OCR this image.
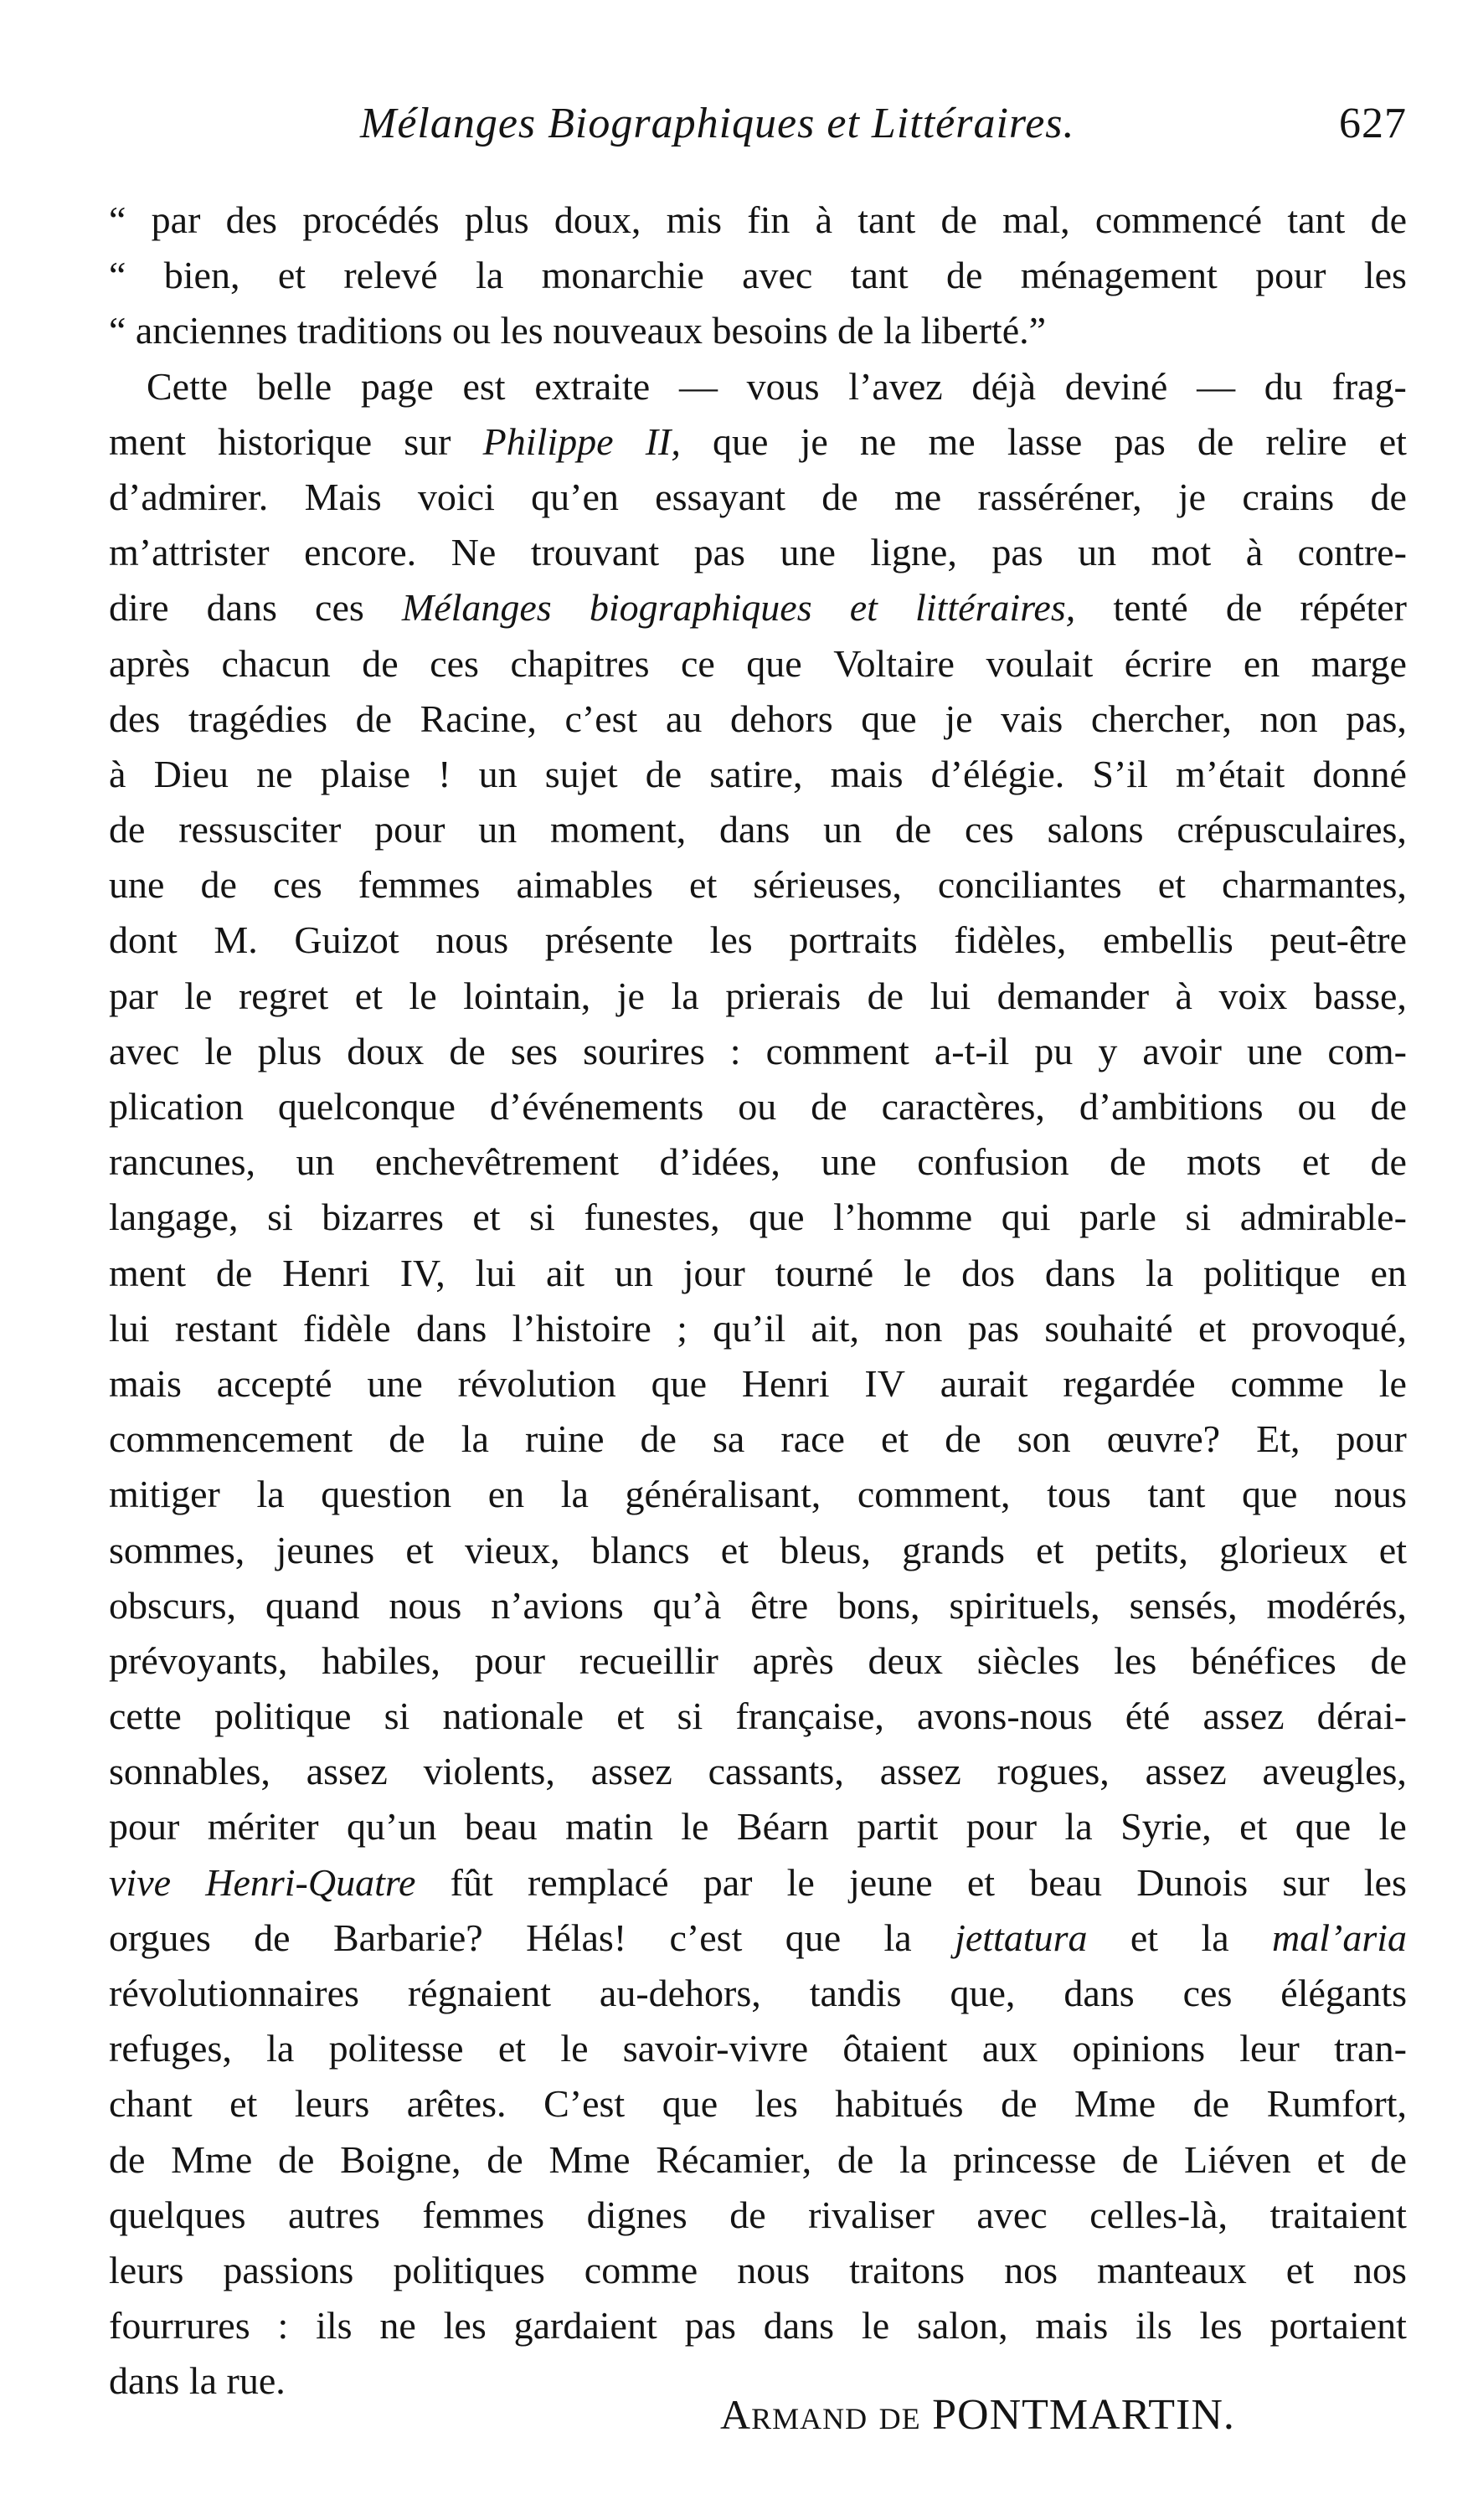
Mélanges Biographiques et Littéraires.	627
“ par des procédés plus doux, mis fin à tant de mal, commencé tant de
“ bien, et relevé la monarchie avec tant de ménagement pour les
“
anciennes
traditions
ou
les
nouveaux
besoins
de
la
liberté.”

Cette belle page est extraite — vous l’avez déjà deviné — du frag-
ment historique sur Philippe II, que je ne me lasse pas de relire et
d’admirer. Mais voici qu’en essayant de me rasséréner, je crains de
m’attrister encore. Ne trouvant pas une ligne, pas un mot à contre-
dire dans ces Mélanges biographiques et littéraires, tenté de répéter
après chacun de ces chapitres ce que Voltaire voulait écrire en marge
des tragédies de Racine, c’est au dehors que je vais chercher, non pas,
à Dieu ne plaise ! un sujet de satire, mais d’élégie. S’il m’était donné
de ressusciter pour un moment, dans un de ces salons crépusculaires,
une de ces femmes aimables et sérieuses, conciliantes et charmantes,
dont M. Guizot nous présente les portraits fidèles, embellis peut-être
par le regret et le lointain, je la prierais de lui demander à voix basse,
avec le plus doux de ses sourires : comment a-t-il pu y avoir une com-
plication quelconque d’événements ou de caractères, d’ambitions ou de
rancunes, un enchevêtrement d’idées, une confusion de mots et de
langage, si bizarres et si funestes, que l’homme qui parle si admirable-
ment de Henri IV, lui ait un jour tourné le dos dans la politique en
lui restant fidèle dans l’histoire ; qu’il ait, non pas souhaité et provoqué,
mais accepté une révolution que Henri IV aurait regardée comme le
commencement de la ruine de sa race et de son œuvre? Et, pour
mitiger la question en la généralisant, comment, tous tant que nous
sommes, jeunes et vieux, blancs et bleus, grands et petits, glorieux et
obscurs, quand nous n’avions qu’à être bons, spirituels, sensés, modérés,
prévoyants, habiles, pour recueillir après deux siècles les bénéfices de
cette politique si nationale et si française, avons-nous été assez dérai-
sonnables, assez violents, assez cassants, assez rogues, assez aveugles,
pour mériter qu’un beau matin le Béarn partit pour la Syrie, et que le
vive Henri-Quatre fût remplacé par le jeune et beau Dunois sur les
orgues de Barbarie? Hélas! c’est que la jettatura et la mal’aria
révolutionnaires régnaient au-dehors, tandis que, dans ces élégants
refuges, la politesse et le savoir-vivre ôtaient aux opinions leur tran-
chant et leurs arêtes. C’est que les habitués de Mme de Rumfort,
de Mme de Boigne, de Mme Récamier, de la princesse de Liéven et de
quelques autres femmes dignes de rivaliser avec celles-là, traitaient
leurs passions politiques comme nous traitons nos manteaux et nos
fourrures : ils ne les gardaient pas dans le salon, mais ils les portaient
dans
la
rue.

ARMAND DE PONTMARTIN.
